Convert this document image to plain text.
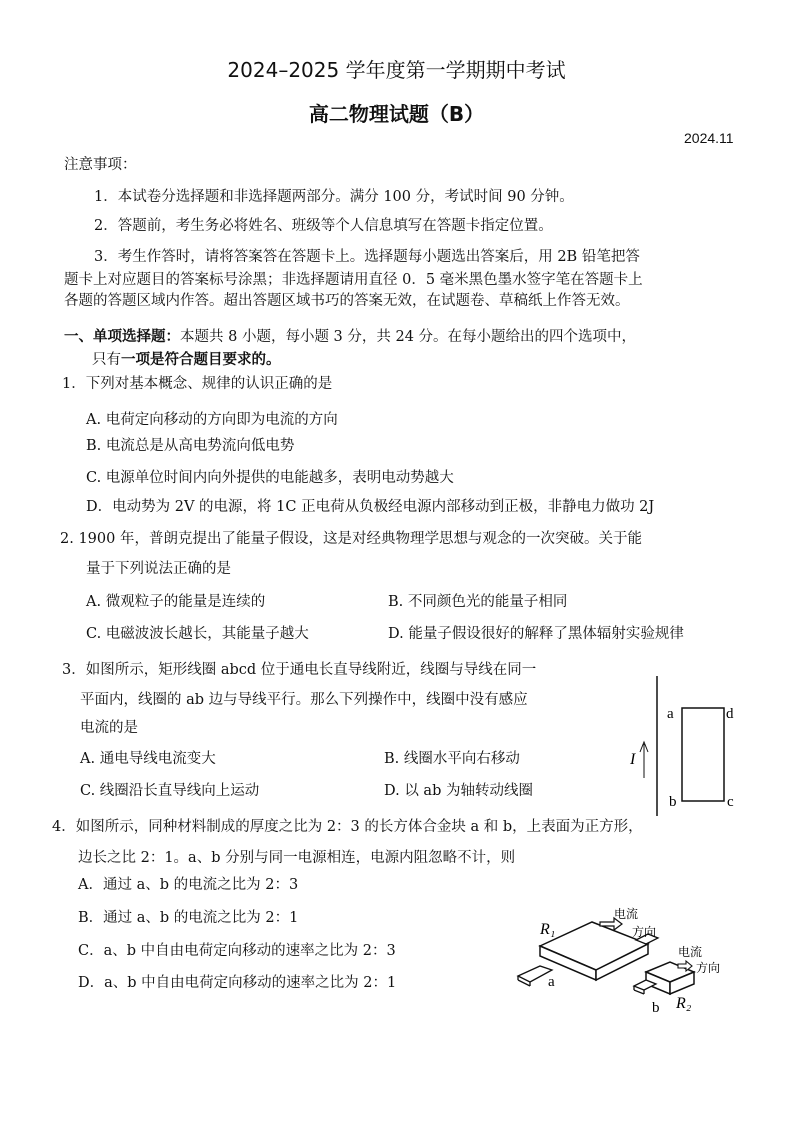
2024–2025 学年度第一学期期中考试
高二物理试题（B）
2024.11
注意事项：
1．本试卷分选择题和非选择题两部分。满分 100 分，考试时间 90 分钟。
2．答题前，考生务必将姓名、班级等个人信息填写在答题卡指定位置。
3．考生作答时，请将答案答在答题卡上。选择题每小题选出答案后，用 2B 铅笔把答
题卡上对应题目的答案标号涂黑；非选择题请用直径 0．5 毫米黑色墨水签字笔在答题卡上
各题的答题区域内作答。超出答题区域书巧的答案无效，在试题卷、草稿纸上作答无效。
一、单项选择题：本题共 8 小题，每小题 3 分，共 24 分。在每小题给出的四个选项中，
只有一项是符合题目要求的。
1．下列对基本概念、规律的认识正确的是
A. 电荷定向移动的方向即为电流的方向
B. 电流总是从高电势流向低电势
C. 电源单位时间内向外提供的电能越多，表明电动势越大
D．电动势为 2V 的电源，将 1C 正电荷从负极经电源内部移动到正极，非静电力做功 2J
2. 1900 年，普朗克提出了能量子假设，这是对经典物理学思想与观念的一次突破。关于能
量于下列说法正确的是
A. 微观粒子的能量是连续的	B. 不同颜色光的能量子相同
C. 电磁波波长越长，其能量子越大	D. 能量子假设很好的解释了黑体辐射实验规律
3．如图所示，矩形线圈 abcd 位于通电长直导线附近，线圈与导线在同一
平面内，线圈的 ab 边与导线平行。那么下列操作中，线圈中没有感应
电流的是
A. 通电导线电流变大	B. 线圈水平向右移动
C. 线圈沿长直导线向上运动	D. 以 ab 为轴转动线圈
I
a	d
b	c
4．如图所示，同种材料制成的厚度之比为 2：3 的长方体合金块 a 和 b，上表面为正方形，
边长之比 2：1。a、b 分别与同一电源相连，电源内阻忽略不计，则
A．通过 a、b 的电流之比为 2：3
B．通过 a、b 的电流之比为 2：1
C．a、b 中自由电荷定向移动的速率之比为 2：3
D．a、b 中自由电荷定向移动的速率之比为 2：1
R₁
a
电流
方向
电流
方向
b R₂
